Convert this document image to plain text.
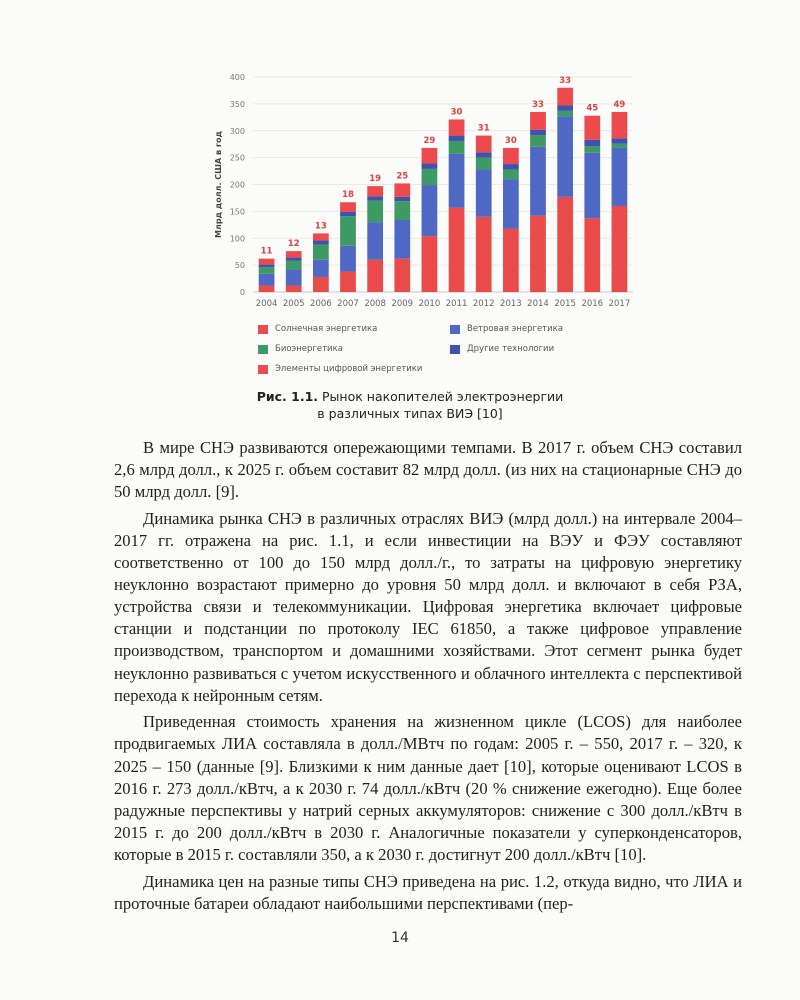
0
50
100
150
200
250
300
350
400
Млрд долл. США в год
11
2004
12
2005
13
2006
18
2007
19
2008
25
2009
29
2010
30
2011
31
2012
30
2013
33
2014
33
2015
45
2016
49
2017
Солнечная энергетика	Ветровая энергетика
Биоэнергетика	Другие технологии
Элементы цифровой энергетики
Рис. 1.1. Рынок накопителей электроэнергии
в различных типах ВИЭ [10]

В мире СНЭ развиваются опережающими темпами. В 2017 г. объем СНЭ составил 2,6 млрд долл., к 2025 г. объем составит 82 млрд долл. (из них на стационарные СНЭ до 50 млрд долл. [9].

Динамика рынка СНЭ в различных отраслях ВИЭ (млрд долл.) на интервале 2004–2017 гг. отражена на рис. 1.1, и если инвестиции на ВЭУ и ФЭУ составляют соответственно от 100 до 150 млрд долл./г., то затраты на цифровую энергетику неуклонно возрастают примерно до уровня 50 млрд долл. и включают в себя РЗА, устройства связи и телекоммуникации. Цифровая энергетика включает цифровые станции и подстанции по протоколу IEC 61850, а также цифровое управление производством, транспортом и домашними хозяйствами. Этот сегмент рынка будет неуклонно развиваться с учетом искусственного и облачного интеллекта с перспективой перехода к нейронным сетям.

Приведенная стоимость хранения на жизненном цикле (LCOS) для наиболее продвигаемых ЛИА составляла в долл./МВтч по годам: 2005 г. – 550, 2017 г. – 320, к 2025 – 150 (данные [9]. Близкими к ним данные дает [10], которые оценивают LCOS в 2016 г. 273 долл./кВтч, а к 2030 г. 74 долл./кВтч (20 % снижение ежегодно). Еще более радужные перспективы у натрий серных аккумуляторов: снижение с 300 долл./кВтч в 2015 г. до 200 долл./кВтч в 2030 г. Аналогичные показатели у суперконденсаторов, которые в 2015 г. составляли 350, а к 2030 г. достигнут 200 долл./кВтч [10].

Динамика цен на разные типы СНЭ приведена на рис. 1.2, откуда видно, что ЛИА и проточные батареи обладают наибольшими перспективами (пер-

14
